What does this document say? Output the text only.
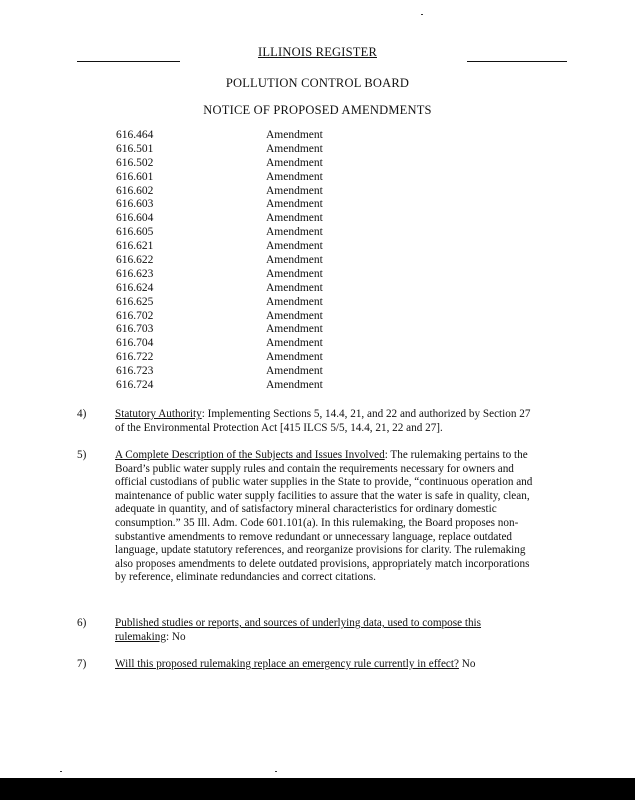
ILLINOIS REGISTER
POLLUTION CONTROL BOARD
NOTICE OF PROPOSED AMENDMENTS
616.464	Amendment
616.501	Amendment
616.502	Amendment
616.601	Amendment
616.602	Amendment
616.603	Amendment
616.604	Amendment
616.605	Amendment
616.621	Amendment
616.622	Amendment
616.623	Amendment
616.624	Amendment
616.625	Amendment
616.702	Amendment
616.703	Amendment
616.704	Amendment
616.722	Amendment
616.723	Amendment
616.724	Amendment
4)	Statutory Authority: Implementing Sections 5, 14.4, 21, and 22 and authorized by Section 27 of the Environmental Protection Act [415 ILCS 5/5, 14.4, 21, 22 and 27].
5)	A Complete Description of the Subjects and Issues Involved: The rulemaking pertains to the Board’s public water supply rules and contain the requirements necessary for owners and official custodians of public water supplies in the State to provide, “continuous operation and maintenance of public water supply facilities to assure that the water is safe in quality, clean, adequate in quantity, and of satisfactory mineral characteristics for ordinary domestic consumption.” 35 Ill. Adm. Code 601.101(a). In this rulemaking, the Board proposes non-substantive amendments to remove redundant or unnecessary language, replace outdated language, update statutory references, and reorganize provisions for clarity. The rulemaking also proposes amendments to delete outdated provisions, appropriately match incorporations by reference, eliminate redundancies and correct citations.
6)	Published studies or reports, and sources of underlying data, used to compose this rulemaking: No
7)	Will this proposed rulemaking replace an emergency rule currently in effect? No
